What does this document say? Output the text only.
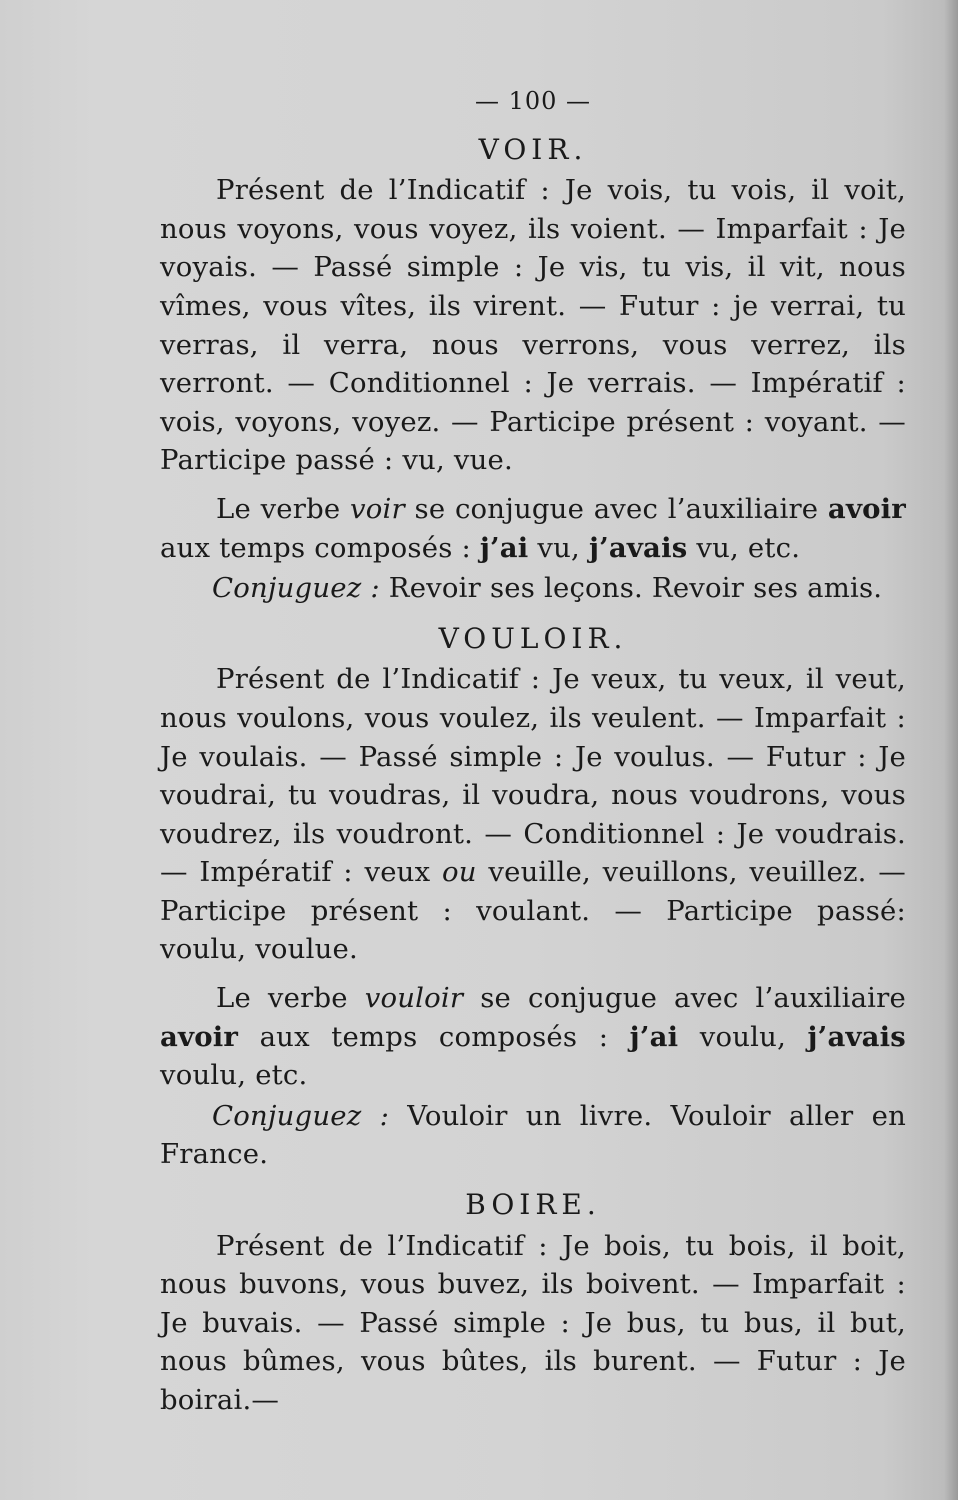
— 100 —
VOIR.

Présent de l’Indicatif : Je vois, tu vois, il voit, nous voyons, vous voyez, ils voient. — Imparfait : Je voyais. — Passé simple : Je vis, tu vis, il vit, nous vîmes, vous vîtes, ils virent. — Futur : je verrai, tu verras, il verra, nous verrons, vous verrez, ils verront. — Conditionnel : Je verrais. — Impératif : vois, voyons, voyez. — Participe présent : voyant. — Participe passé : vu, vue.

Le verbe voir se conjugue avec l’auxiliaire avoir aux temps composés : j’ai vu, j’avais vu, etc.

Conjuguez : Revoir ses leçons. Revoir ses amis.

VOULOIR.

Présent de l’Indicatif : Je veux, tu veux, il veut, nous voulons, vous voulez, ils veulent. — Imparfait : Je voulais. — Passé simple : Je voulus. — Futur : Je voudrai, tu voudras, il voudra, nous voudrons, vous voudrez, ils voudront. — Conditionnel : Je voudrais. — Impératif : veux ou veuille, veuillons, veuillez. — Participe présent : voulant. — Participe passé: voulu, voulue.

Le verbe vouloir se conjugue avec l’auxiliaire avoir aux temps composés : j’ai voulu, j’avais voulu, etc.

Conjuguez : Vouloir un livre. Vouloir aller en France.

BOIRE.

Présent de l’Indicatif : Je bois, tu bois, il boit, nous buvons, vous buvez, ils boivent. — Imparfait : Je buvais. — Passé simple : Je bus, tu bus, il but, nous bûmes, vous bûtes, ils burent. — Futur : Je boirai.—
